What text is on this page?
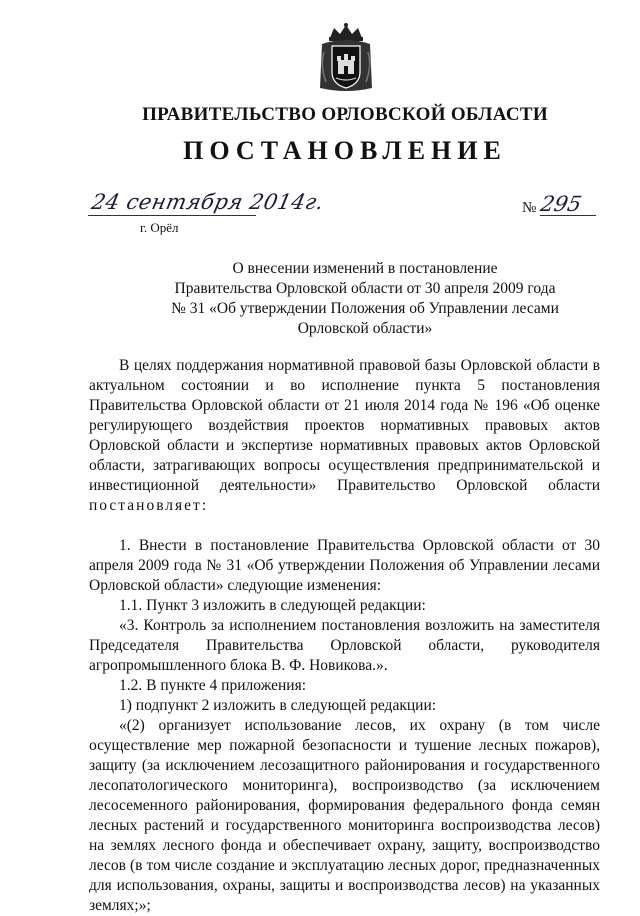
ПРАВИТЕЛЬСТВО ОРЛОВСКОЙ ОБЛАСТИ
ПОСТАНОВЛЕНИЕ
24 сентября 2014г.
г. Орёл
№ 295
О внесении изменений в постановление
Правительства Орловской области от 30 апреля 2009 года
№ 31 «Об утверждении Положения об Управлении лесами
Орловской области»

В целях поддержания нормативной правовой базы Орловской области в актуальном состоянии и во исполнение пункта 5 постановления Правительства Орловской области от 21 июля 2014 года № 196 «Об оценке регулирующего воздействия проектов нормативных правовых актов Орловской области и экспертизе нормативных правовых актов Орловской области, затрагивающих вопросы осуществления предпринимательской и инвестиционной деятельности» Правительство Орловской области постановляет:

1. Внести в постановление Правительства Орловской области от 30 апреля 2009 года № 31 «Об утверждении Положения об Управлении лесами Орловской области» следующие изменения:

1.1. Пункт 3 изложить в следующей редакции:

«3. Контроль за исполнением постановления возложить на заместителя Председателя Правительства Орловской области, руководителя агропромышленного блока В. Ф. Новикова.».

1.2. В пункте 4 приложения:

1) подпункт 2 изложить в следующей редакции:

«(2) организует использование лесов, их охрану (в том числе осуществление мер пожарной безопасности и тушение лесных пожаров), защиту (за исключением лесозащитного районирования и государственного лесопатологического мониторинга), воспроизводство (за исключением лесосеменного районирования, формирования федерального фонда семян лесных растений и государственного мониторинга воспроизводства лесов) на землях лесного фонда и обеспечивает охрану, защиту, воспроизводство лесов (в том числе создание и эксплуатацию лесных дорог, предназначенных для использования, охраны, защиты и воспроизводства лесов) на указанных землях;»;
